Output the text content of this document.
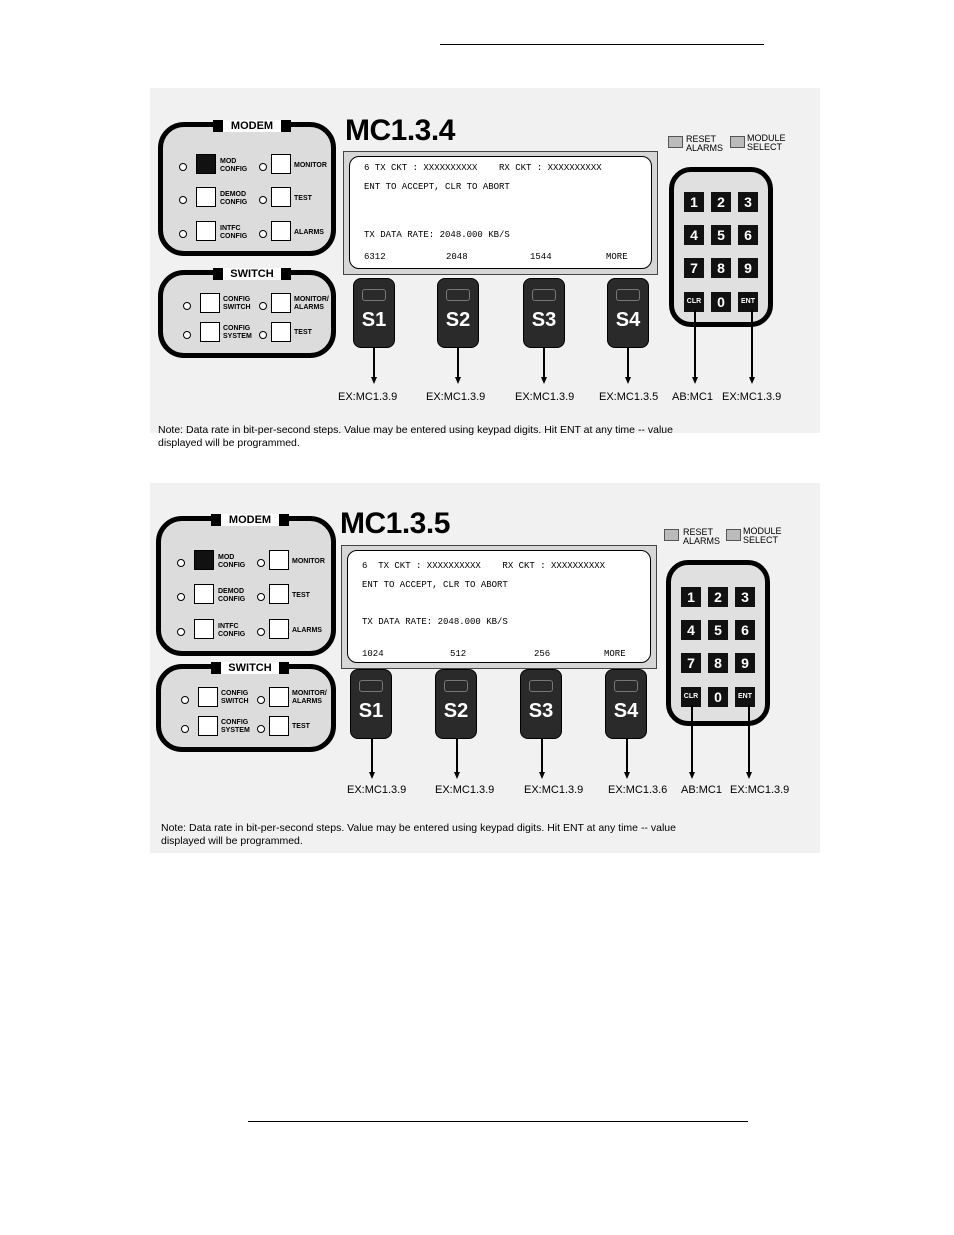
MODEM
MOD
CONFIG
MONITOR
DEMOD
CONFIG
TEST
INTFC
CONFIG
ALARMS
SWITCH
CONFIG
SWITCH
MONITOR/
ALARMS
CONFIG
SYSTEM
TEST
MC1.3.4	RESET
ALARMS
MODULE
SELECT
6 TX CKT : XXXXXXXXXX    RX CKT : XXXXXXXXXX
ENT TO ACCEPT, CLR TO ABORT
TX DATA RATE: 2048.000 KB/S
6312	2048	1544	MORE
S1	S2	S3	S4
1	2	3
4	5	6
7	8	9
CLR	0	ENT
EX:MC1.3.9	EX:MC1.3.9	EX:MC1.3.9 EX:MC1.3.5 AB:MC1 EX:MC1.3.9
Note: Data rate in bit-per-second steps. Value may be entered using keypad digits. Hit ENT at any time -- value displayed will be programmed.
MODEM
MOD
CONFIG
MONITOR
DEMOD
CONFIG
TEST
INTFC
CONFIG
ALARMS
SWITCH
CONFIG
SWITCH
MONITOR/
ALARMS
CONFIG
SYSTEM
TEST
MC1.3.5	RESET
ALARMS
MODULE
SELECT
6  TX CKT : XXXXXXXXXX    RX CKT : XXXXXXXXXX
ENT TO ACCEPT, CLR TO ABORT
TX DATA RATE: 2048.000 KB/S
1024	512	256	MORE
S1	S2	S3	S4
1	2	3
4	5	6
7	8	9
CLR	0	ENT
EX:MC1.3.9	EX:MC1.3.9	EX:MC1.3.9 EX:MC1.3.6 AB:MC1 EX:MC1.3.9
Note: Data rate in bit-per-second steps. Value may be entered using keypad digits. Hit ENT at any time -- value displayed will be programmed.
